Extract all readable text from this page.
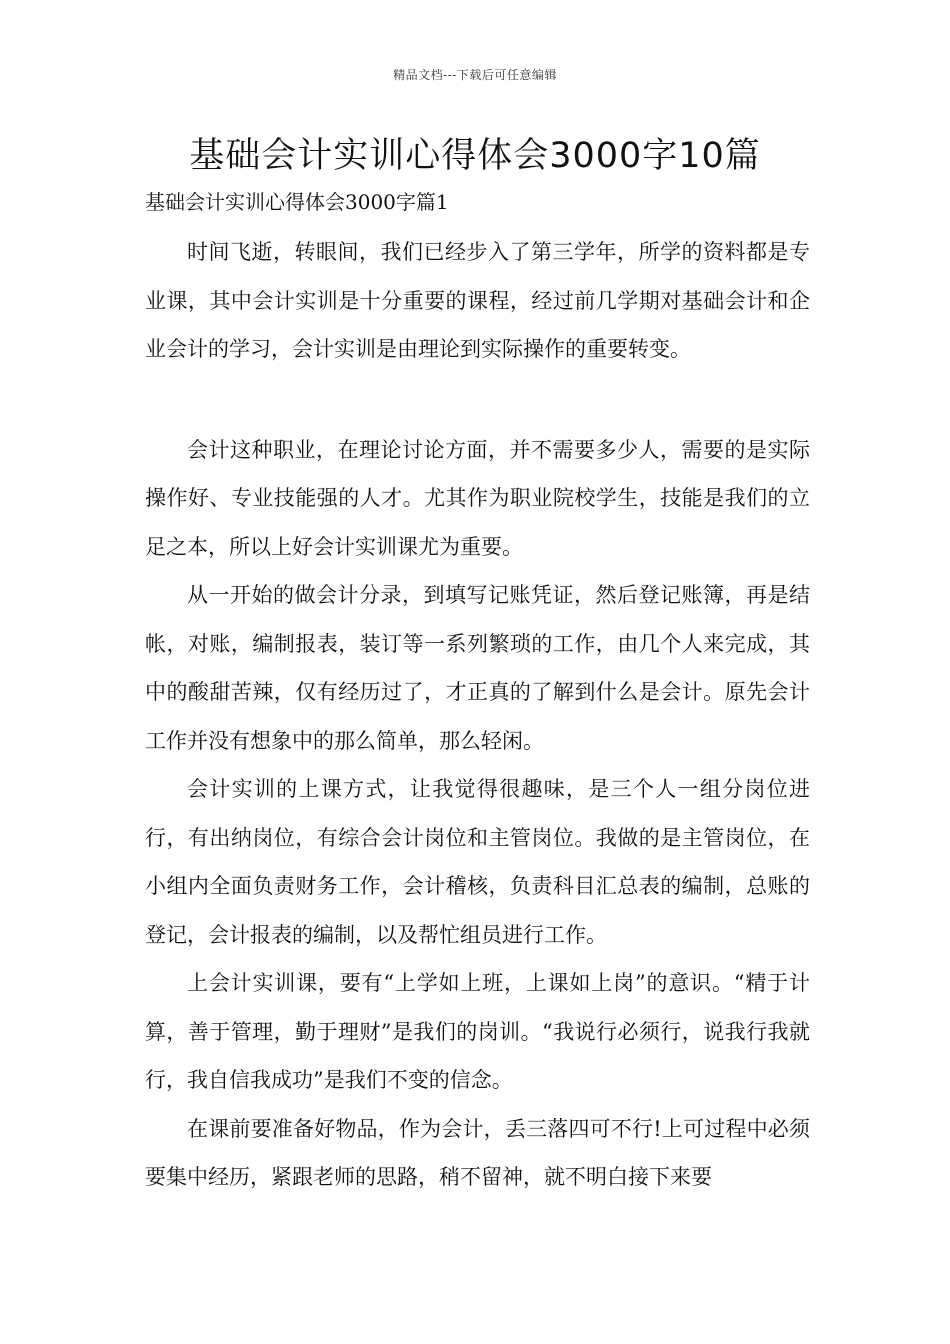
精品文档---下载后可任意编辑
基础会计实训心得体会3000字10篇

基础会计实训心得体会3000字篇1

时间飞逝，转眼间，我们已经步入了第三学年，所学的资料都是专业课，其中会计实训是十分重要的课程，经过前几学期对基础会计和企业会计的学习，会计实训是由理论到实际操作的重要转变。

会计这种职业，在理论讨论方面，并不需要多少人，需要的是实际操作好、专业技能强的人才。尤其作为职业院校学生，技能是我们的立足之本，所以上好会计实训课尤为重要。

从一开始的做会计分录，到填写记账凭证，然后登记账簿，再是结帐，对账，编制报表，装订等一系列繁琐的工作，由几个人来完成，其中的酸甜苦辣，仅有经历过了，才正真的了解到什么是会计。原先会计工作并没有想象中的那么简单，那么轻闲。

会计实训的上课方式，让我觉得很趣味，是三个人一组分岗位进行，有出纳岗位，有综合会计岗位和主管岗位。我做的是主管岗位，在小组内全面负责财务工作，会计稽核，负责科目汇总表的编制，总账的登记，会计报表的编制，以及帮忙组员进行工作。

上会计实训课，要有“上学如上班，上课如上岗”的意识。“精于计算，善于管理，勤于理财”是我们的岗训。“我说行必须行，说我行我就行，我自信我成功”是我们不变的信念。

在课前要准备好物品，作为会计，丢三落四可不行!上可过程中必须要集中经历，紧跟老师的思路，稍不留神，就不明白接下来要
